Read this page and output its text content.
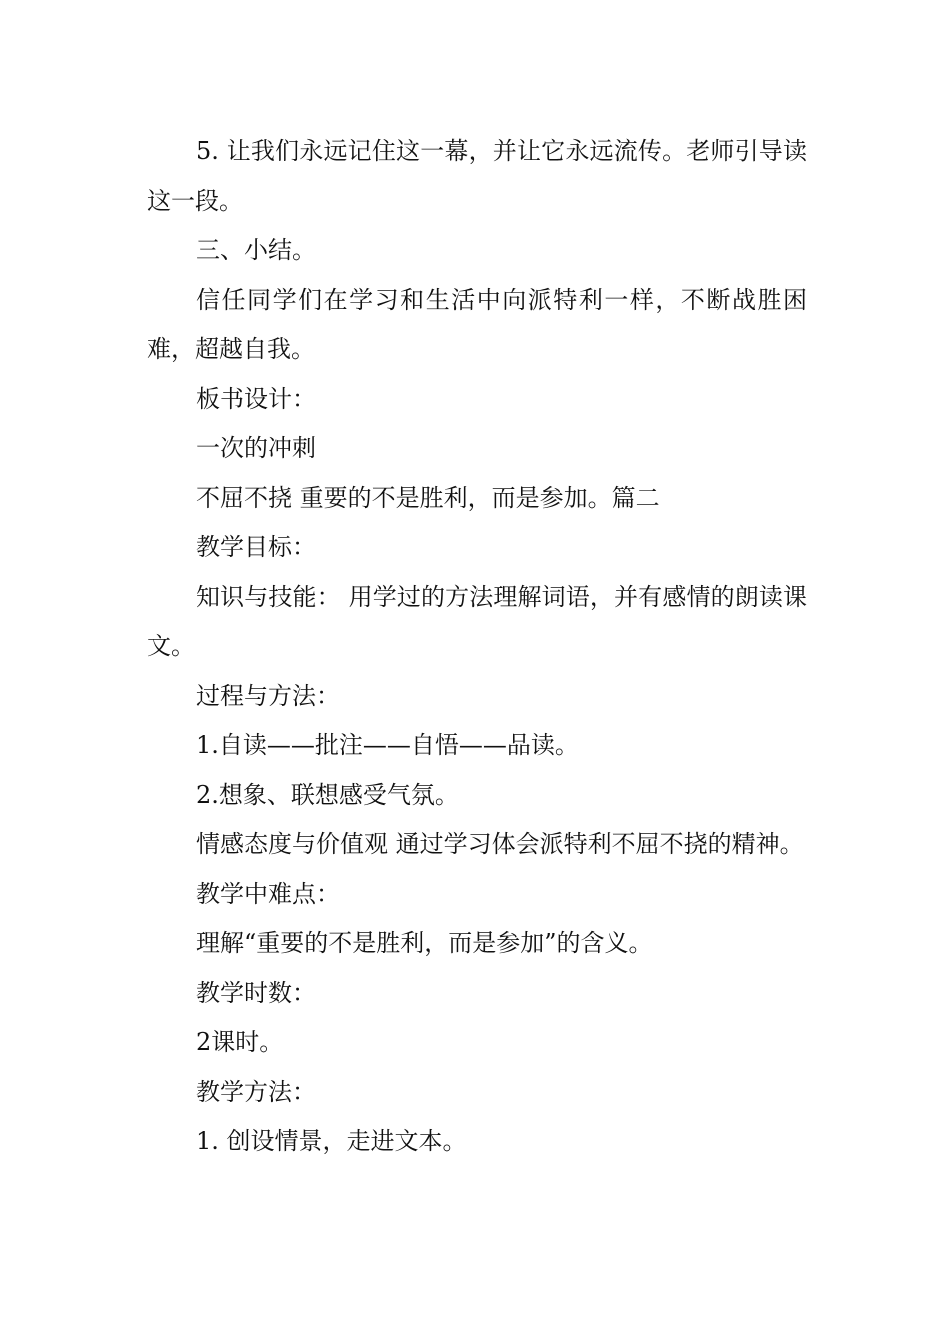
5. 让我们永远记住这一幕，并让它永远流传。老师引导读这一段。

三、小结。

信任同学们在学习和生活中向派特利一样，不断战胜困难，超越自我。

板书设计：

一次的冲刺

不屈不挠 重要的不是胜利，而是参加。篇二

教学目标：

知识与技能： 用学过的方法理解词语，并有感情的朗读课文。

过程与方法：

1.自读——批注——自悟——品读。

2.想象、联想感受气氛。

情感态度与价值观 通过学习体会派特利不屈不挠的精神。

教学中难点：

理解“重要的不是胜利，而是参加”的含义。

教学时数：

2课时。

教学方法：

1. 创设情景，走进文本。
